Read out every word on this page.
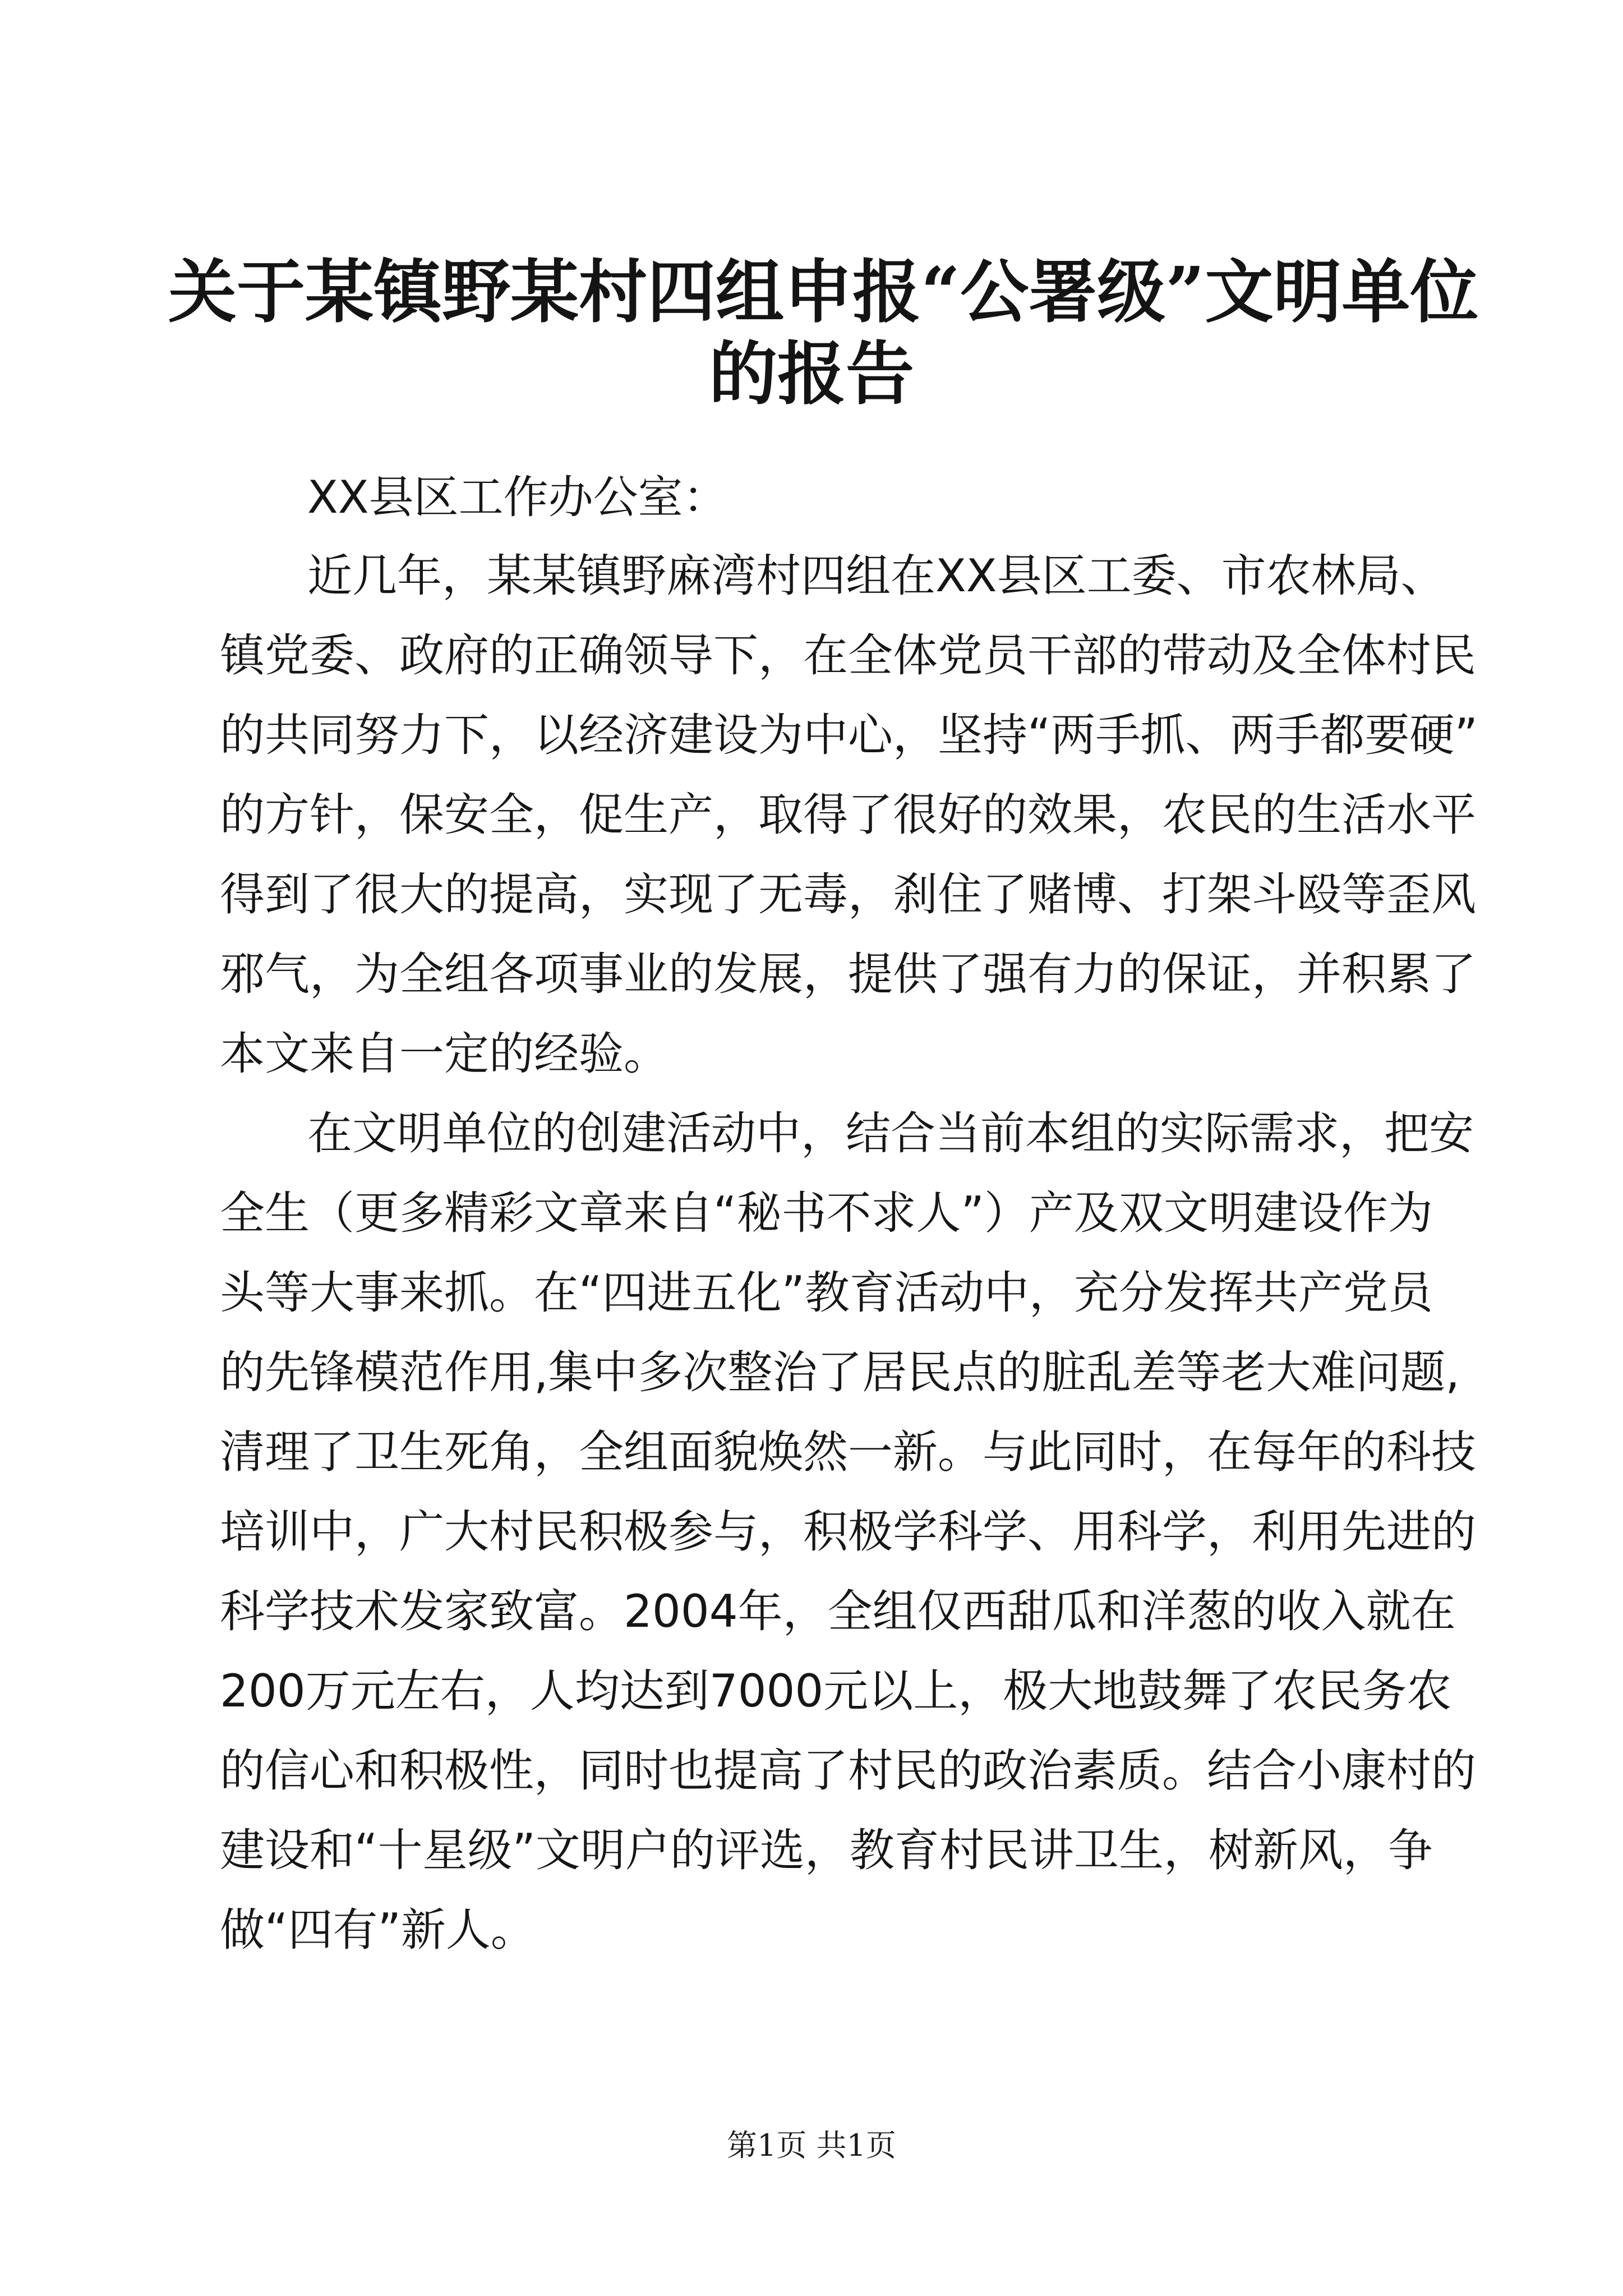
关于某镇野某村四组申报“公署级”文明单位
的报告

XX县区工作办公室：

近几年，某某镇野麻湾村四组在XX县区工委、市农林局、

镇党委、政府的正确领导下，在全体党员干部的带动及全体村民

的共同努力下，以经济建设为中心，坚持“两手抓、两手都要硬”

的方针，保安全，促生产，取得了很好的效果，农民的生活水平

得到了很大的提高，实现了无毒，刹住了赌博、打架斗殴等歪风

邪气，为全组各项事业的发展，提供了强有力的保证，并积累了

本文来自一定的经验。

在文明单位的创建活动中，结合当前本组的实际需求，把安

全生（更多精彩文章来自“秘书不求人”）产及双文明建设作为

头等大事来抓。在“四进五化”教育活动中，充分发挥共产党员

的先锋模范作用,集中多次整治了居民点的脏乱差等老大难问题,

清理了卫生死角，全组面貌焕然一新。与此同时，在每年的科技

培训中，广大村民积极参与，积极学科学、用科学，利用先进的

科学技术发家致富。2004年，全组仅西甜瓜和洋葱的收入就在

200万元左右，人均达到7000元以上，极大地鼓舞了农民务农

的信心和积极性，同时也提高了村民的政治素质。结合小康村的

建设和“十星级”文明户的评选，教育村民讲卫生，树新风，争

做“四有”新人。

第1页 共1页
